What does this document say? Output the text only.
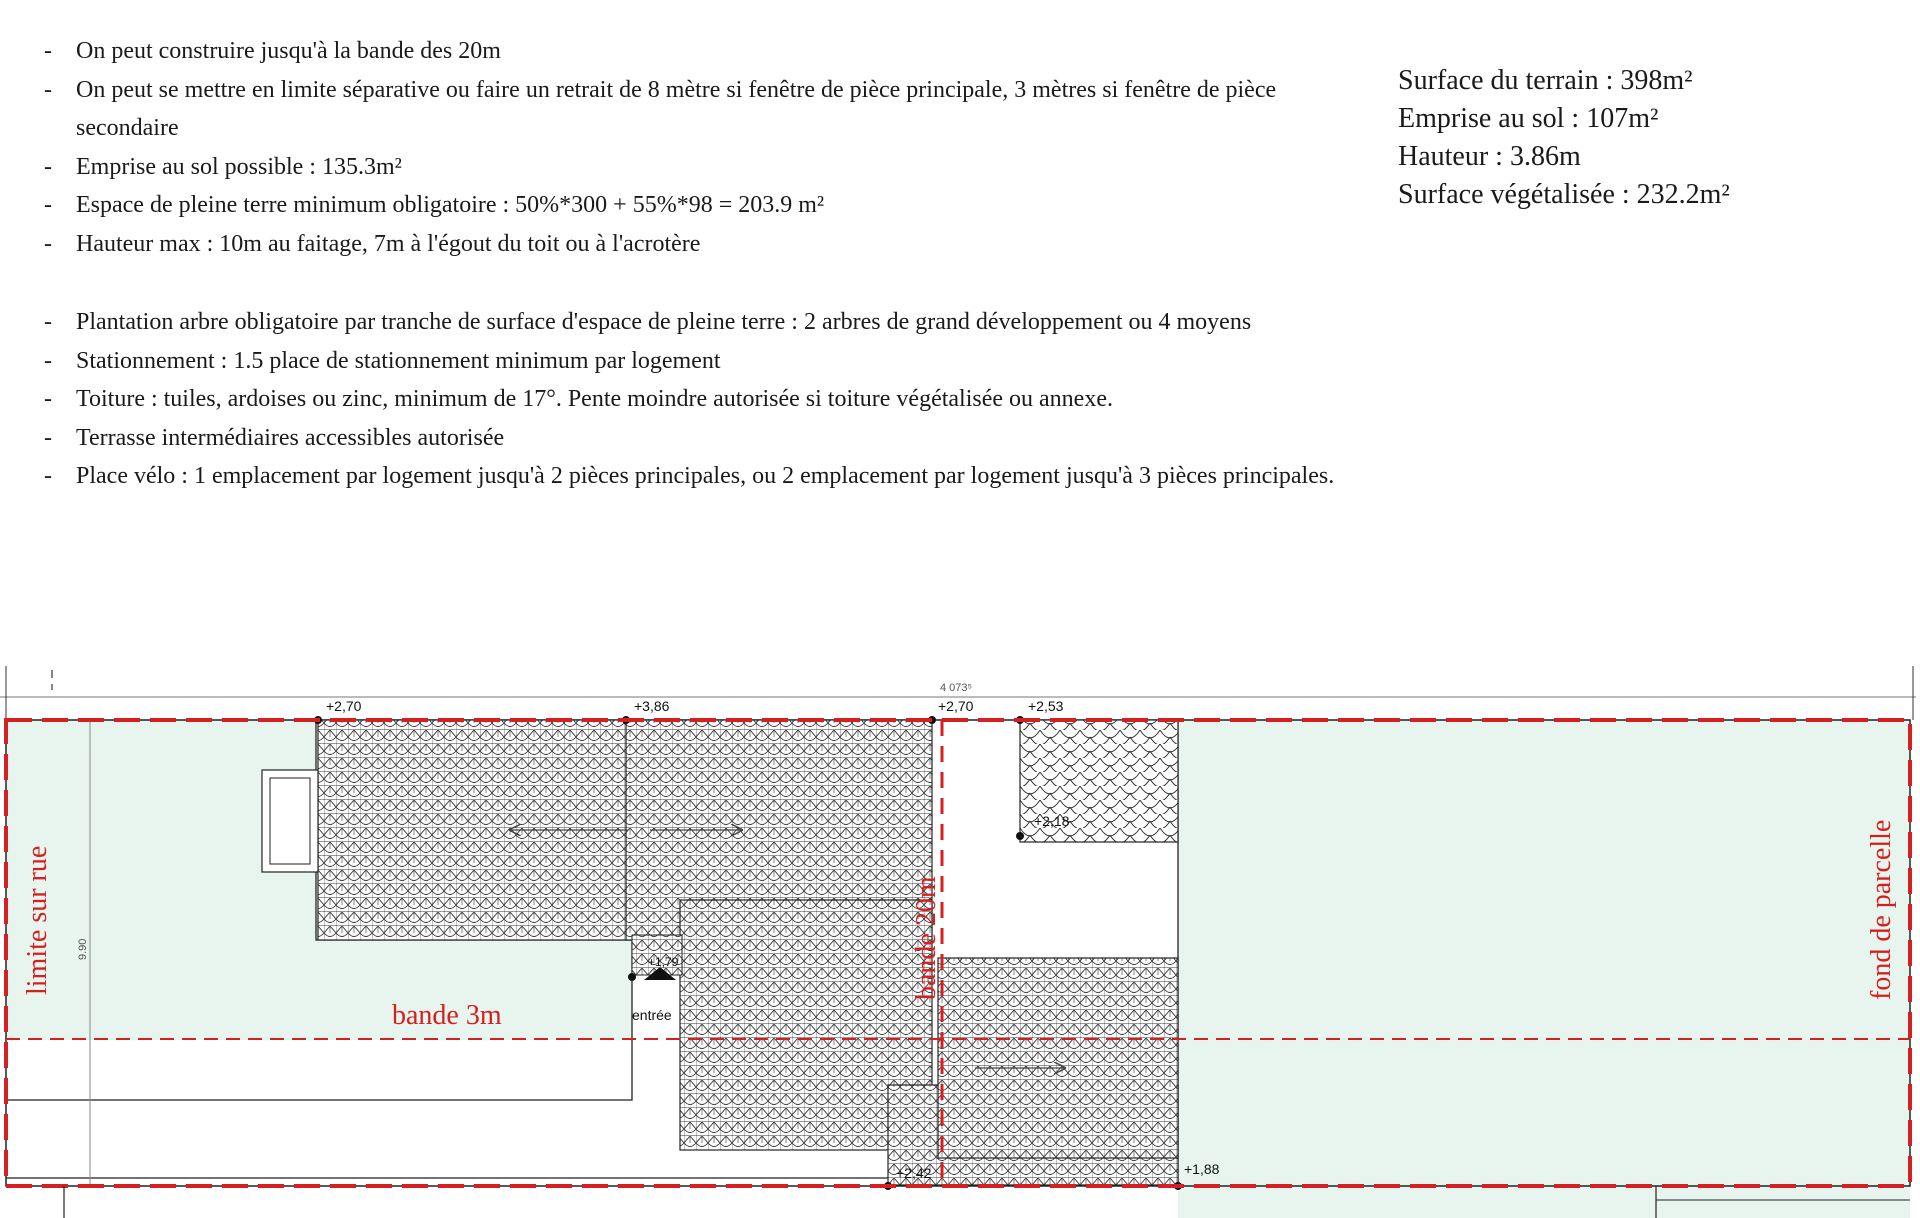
- On peut construire jusqu'à la bande des 20m
- On peut se mettre en limite séparative ou faire un retrait de 8 mètre si fenêtre de pièce principale, 3 mètres si fenêtre de pièce secondaire
- Emprise au sol possible : 135.3m²
- Espace de pleine terre minimum obligatoire : 50%*300 + 55%*98 = 203.9 m²
- Hauteur max : 10m au faitage, 7m à l'égout du toit ou à l'acrotère
- Plantation arbre obligatoire par tranche de surface d'espace de pleine terre : 2 arbres de grand développement ou 4 moyens
- Stationnement : 1.5 place de stationnement minimum par logement
- Toiture : tuiles, ardoises ou zinc, minimum de 17°. Pente moindre autorisée si toiture végétalisée ou annexe.
- Terrasse intermédiaires accessibles autorisée
- Place vélo : 1 emplacement par logement jusqu'à 2 pièces principales, ou 2 emplacement par logement jusqu'à 3 pièces principales.
Surface du terrain : 398m²
Emprise au sol : 107m²
Hauteur : 3.86m
Surface végétalisée : 232.2m²
4 073⁵
entrée
+2,70	+3,86	+2,70	+2,53
+2,18
+1,79
+2,42	+1,88
9.90
limite sur rue	fond de parcelle
bande 3m
bande 20m
